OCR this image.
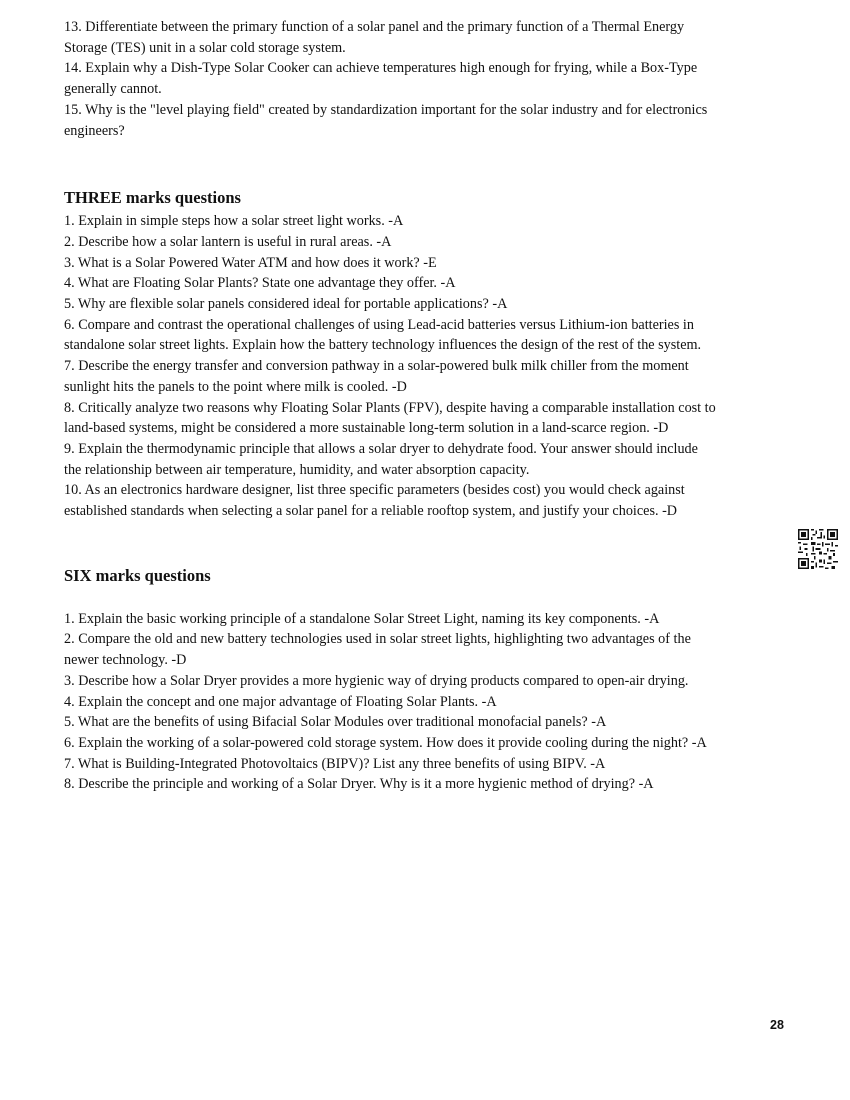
13. Differentiate between the primary function of a solar panel and the primary function of a Thermal Energy
Storage (TES) unit in a solar cold storage system.
14. Explain why a Dish-Type Solar Cooker can achieve temperatures high enough for frying, while a Box-Type
generally cannot.
15. Why is the "level playing field" created by standardization important for the solar industry and for electronics
engineers?
THREE marks questions
1. Explain in simple steps how a solar street light works. -A
2. Describe how a solar lantern is useful in rural areas. -A
3. What is a Solar Powered Water ATM and how does it work? -E
4. What are Floating Solar Plants? State one advantage they offer. -A
5. Why are flexible solar panels considered ideal for portable applications? -A
6. Compare and contrast the operational challenges of using Lead-acid batteries versus Lithium-ion batteries in
standalone solar street lights. Explain how the battery technology influences the design of the rest of the system.
7. Describe the energy transfer and conversion pathway in a solar-powered bulk milk chiller from the moment
sunlight hits the panels to the point where milk is cooled. -D
8. Critically analyze two reasons why Floating Solar Plants (FPV), despite having a comparable installation cost to
land-based systems, might be considered a more sustainable long-term solution in a land-scarce region. -D
9. Explain the thermodynamic principle that allows a solar dryer to dehydrate food. Your answer should include
the relationship between air temperature, humidity, and water absorption capacity.
10. As an electronics hardware designer, list three specific parameters (besides cost) you would check against
established standards when selecting a solar panel for a reliable rooftop system, and justify your choices. -D
SIX marks questions
1. Explain the basic working principle of a standalone Solar Street Light, naming its key components. -A
2. Compare the old and new battery technologies used in solar street lights, highlighting two advantages of the
newer technology. -D
3. Describe how a Solar Dryer provides a more hygienic way of drying products compared to open-air drying.
4. Explain the concept and one major advantage of Floating Solar Plants. -A
5. What are the benefits of using Bifacial Solar Modules over traditional monofacial panels? -A
6. Explain the working of a solar-powered cold storage system. How does it provide cooling during the night? -A
7. What is Building-Integrated Photovoltaics (BIPV)? List any three benefits of using BIPV. -A
8. Describe the principle and working of a Solar Dryer. Why is it a more hygienic method of drying? -A
28
